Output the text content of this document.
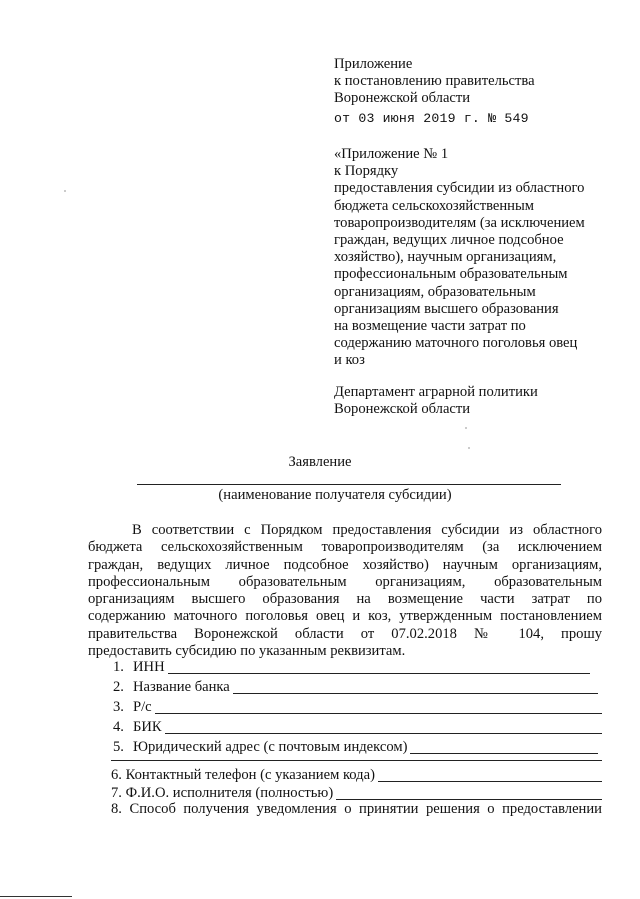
Приложение
к постановлению правительства
Воронежской области
от 03 июня 2019 г. № 549
«Приложение № 1
к Порядку
предоставления субсидии из областного
бюджета сельскохозяйственным
товаропроизводителям (за исключением
граждан, ведущих личное подсобное
хозяйство), научным организациям,
профессиональным образовательным
организациям, образовательным
организациям высшего образования
на возмещение части затрат по
содержанию маточного поголовья овец
и коз
Департамент аграрной политики
Воронежской области
Заявление
(наименование получателя субсидии)
В соответствии с Порядком предоставления субсидии из областного
бюджета сельскохозяйственным товаропроизводителям (за исключением
граждан, ведущих личное подсобное хозяйство) научным организациям,
профессиональным образовательным организациям, образовательным
организациям высшего образования на возмещение части затрат по
содержанию маточного поголовья овец и коз, утвержденным постановлением
правительства Воронежской области от 07.02.2018 № 104, прошу
предоставить субсидию по указанным реквизитам.
1. ИНН
2. Название банка
3. Р/с
4. БИК
5. Юридический адрес (с почтовым индексом)
6. Контактный телефон (с указанием кода)
7. Ф.И.О. исполнителя (полностью)
8. Способ получения уведомления о принятии решения о предоставлении
